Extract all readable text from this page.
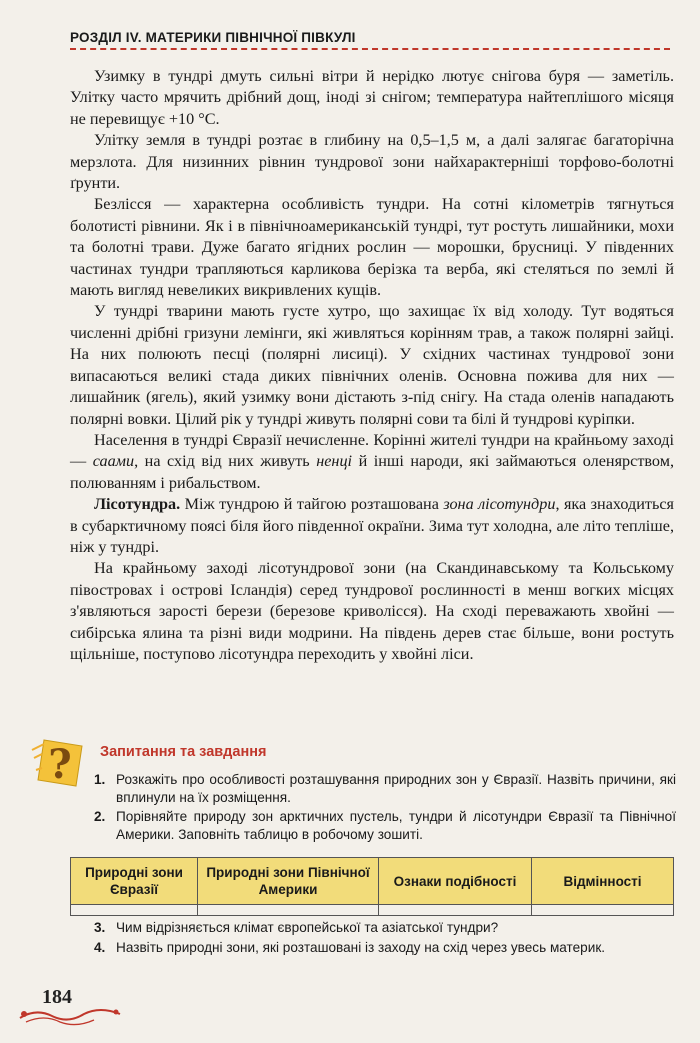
РОЗДІЛ IV. МАТЕРИКИ ПІВНІЧНОЇ ПІВКУЛІ

Узимку в тундрі дмуть сильні вітри й нерідко лютує снігова буря — заметіль. Улітку часто мрячить дрібний дощ, іноді зі снігом; температура найтеплішого місяця не перевищує +10 °С.

Улітку земля в тундрі розтає в глибину на 0,5–1,5 м, а далі залягає багаторічна мерзлота. Для низинних рівнин тундрової зони найхарактерніші торфово-болотні ґрунти.

Безлісся — характерна особливість тундри. На сотні кілометрів тягнуться болотисті рівнини. Як і в північноамериканській тундрі, тут ростуть лишайники, мохи та болотні трави. Дуже багато ягідних рослин — морошки, брусниці. У південних частинах тундри трапляються карликова берізка та верба, які стеляться по землі й мають вигляд невеликих викривлених кущів.

У тундрі тварини мають густе хутро, що захищає їх від холоду. Тут водяться численні дрібні гризуни лемінги, які живляться корінням трав, а також полярні зайці. На них полюють песці (полярні лисиці). У східних частинах тундрової зони випасаються великі стада диких північних оленів. Основна пожива для них — лишайник (ягель), який узимку вони дістають з-під снігу. На стада оленів нападають полярні вовки. Цілий рік у тундрі живуть полярні сови та білі й тундрові куріпки.

Населення в тундрі Євразії нечисленне. Корінні жителі тундри на крайньому заході — саами, на схід від них живуть ненці й інші народи, які займаються оленярством, полюванням і рибальством.

Лісотундра. Між тундрою й тайгою розташована зона лісотундри, яка знаходиться в субарктичному поясі біля його південної окраїни. Зима тут холодна, але літо тепліше, ніж у тундрі.

На крайньому заході лісотундрової зони (на Скандинавському та Кольському півостровах і острові Ісландія) серед тундрової рослинності в менш вогких місцях з'являються зарості берези (березове криволісся). На сході переважають хвойні — сибірська ялина та різні види модрини. На південь дерев стає більше, вони ростуть щільніше, поступово лісотундра переходить у хвойні ліси.

? Запитання та завдання
1. Розкажіть про особливості розташування природних зон у Євразії. Назвіть причини, які вплинули на їх розміщення.
2. Порівняйте природу зон арктичних пустель, тундри й лісотундри Євразії та Північної Америки. Заповніть таблицю в робочому зошиті.
Природні зони Євразії	Природні зони Північної Америки	Ознаки подібності	Відмінності

3. Чим відрізняється клімат європейської та азіатської тундри?
4. Назвіть природні зони, які розташовані із заходу на схід через увесь материк.
184
